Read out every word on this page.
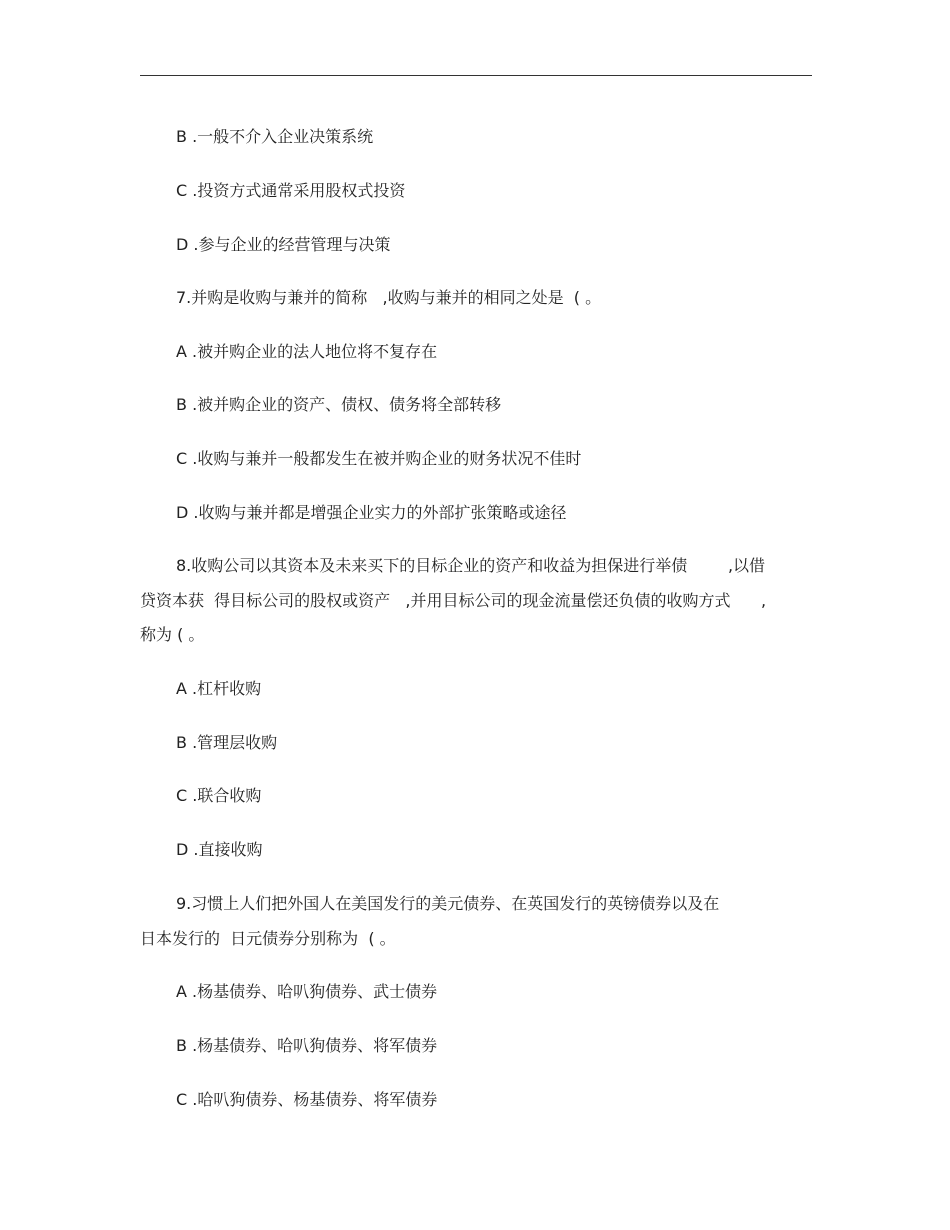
B .一般不介入企业决策系统
C .投资方式通常采用股权式投资
D .参与企业的经营管理与决策
7.并购是收购与兼并的简称   ,收购与兼并的相同之处是  ( 。
A .被并购企业的法人地位将不复存在
B .被并购企业的资产、债权、债务将全部转移
C .收购与兼并一般都发生在被并购企业的财务状况不佳时
D .收购与兼并都是增强企业实力的外部扩张策略或途径
8.收购公司以其资本及未来买下的目标企业的资产和收益为担保进行举债        ,以借
贷资本获  得目标公司的股权或资产   ,并用目标公司的现金流量偿还负债的收购方式      ,
称为 ( 。
A .杠杆收购
B .管理层收购
C .联合收购
D .直接收购
9.习惯上人们把外国人在美国发行的美元债券、在英国发行的英镑债券以及在
日本发行的  日元债券分别称为  ( 。
A .杨基债券、哈叭狗债券、武士债券
B .杨基债券、哈叭狗债券、将军债券
C .哈叭狗债券、杨基债券、将军债券
